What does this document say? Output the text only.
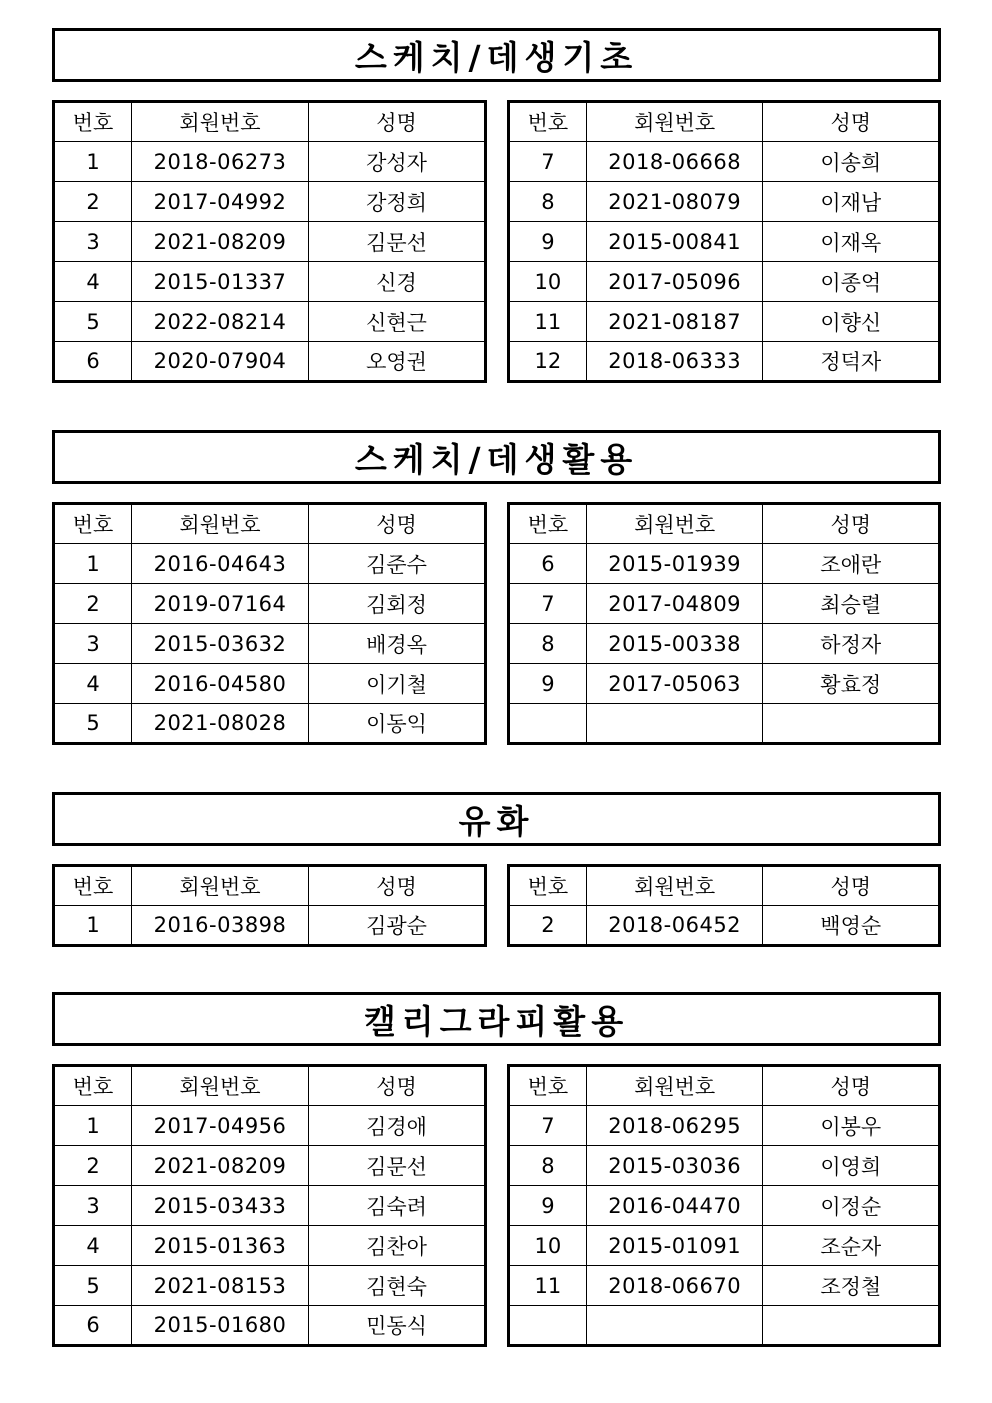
스케치/데생기초
번호	회원번호	성명
1	2018-06273	강성자
2	2017-04992	강정희
3	2021-08209	김문선
4	2015-01337	신경
5	2022-08214	신현근
6	2020-07904	오영권
번호	회원번호	성명
7	2018-06668	이송희
8	2021-08079	이재남
9	2015-00841	이재옥
10	2017-05096	이종억
11	2021-08187	이향신
12	2018-06333	정덕자
스케치/데생활용
번호	회원번호	성명
1	2016-04643	김준수
2	2019-07164	김회정
3	2015-03632	배경옥
4	2016-04580	이기철
5	2021-08028	이동익
번호	회원번호	성명
6	2015-01939	조애란
7	2017-04809	최승렬
8	2015-00338	하정자
9	2017-05063	황효정

유화
번호	회원번호	성명
1	2016-03898	김광순
번호	회원번호	성명
2	2018-06452	백영순
캘리그라피활용
번호	회원번호	성명
1	2017-04956	김경애
2	2021-08209	김문선
3	2015-03433	김숙려
4	2015-01363	김찬아
5	2021-08153	김현숙
6	2015-01680	민동식
번호	회원번호	성명
7	2018-06295	이봉우
8	2015-03036	이영희
9	2016-04470	이정순
10	2015-01091	조순자
11	2018-06670	조정철
